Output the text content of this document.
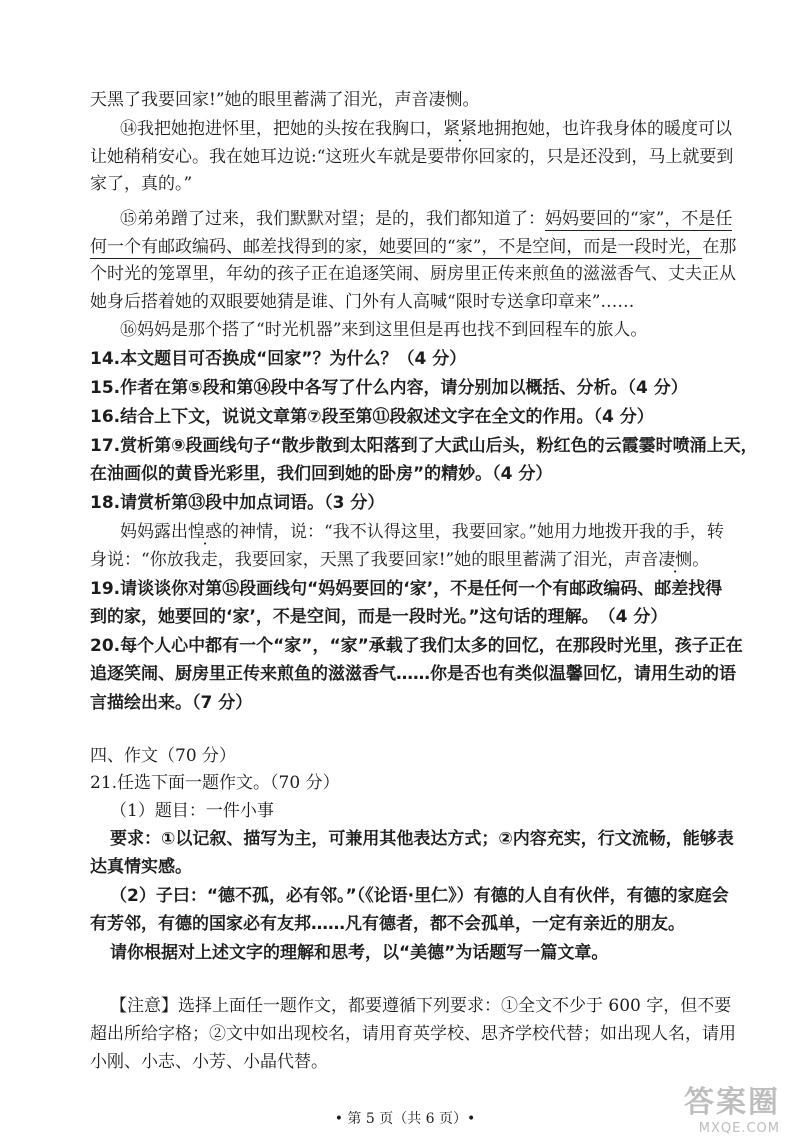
天黑了我要回家!”她的眼里蓄满了泪光，声音凄恻。
⑭我把她抱进怀里，把她的头按在我胸口，紧紧地拥抱她，也许我身体的暖度可以
让她稍稍安心。我在她耳边说:“这班火车就是要带你回家的，只是还没到，马上就要到
家了，真的。”
⑮弟弟蹭了过来，我们默默对望；是的，我们都知道了：妈妈要回的“家”，不是任
何一个有邮政编码、邮差找得到的家，她要回的“家”，不是空间，而是一段时光，在那
个时光的笼罩里，年幼的孩子正在追逐笑闹、厨房里正传来煎鱼的滋滋香气、丈夫正从
她身后搭着她的双眼要她猜是谁、门外有人高喊“限时专送拿印章来”……
⑯妈妈是那个搭了“时光机器”来到这里但是再也找不到回程车的旅人。
14.本文题目可否换成“回家”？为什么？（4 分）
15.作者在第⑤段和第⑭段中各写了什么内容，请分别加以概括、分析。（4 分）
16.结合上下文，说说文章第⑦段至第⑪段叙述文字在全文的作用。（4 分）
17.赏析第⑨段画线句子“散步散到太阳落到了大武山后头，粉红色的云霞霎时喷涌上天，
在油画似的黄昏光彩里，我们回到她的卧房”的精妙。（4 分）
18.请赏析第⑬段中加点词语。（3 分）
妈妈露出惶惑的神情，说：“我不认得这里，我要回家。”她用力地拨开我的手，转
身说：“你放我走，我要回家，天黑了我要回家!”她的眼里蓄满了泪光，声音凄恻。
19.请谈谈你对第⑮段画线句“妈妈要回的‘家’，不是任何一个有邮政编码、邮差找得
到的家，她要回的‘家’，不是空间，而是一段时光。”这句话的理解。　（4 分）
20.每个人心中都有一个“家”，“家”承载了我们太多的回忆，在那段时光里，孩子正在
追逐笑闹、厨房里正传来煎鱼的滋滋香气……你是否也有类似温馨回忆，请用生动的语
言描绘出来。（7 分）
四、作文（70 分）
21.任选下面一题作文。（70 分）
（1）题目：一件小事
要求：①以记叙、描写为主，可兼用其他表达方式；②内容充实，行文流畅，能够表
达真情实感。
（2）子曰：“德不孤，必有邻。”（《论语·里仁》）有德的人自有伙伴，有德的家庭会
有芳邻，有德的国家必有友邦……凡有德者，都不会孤单，一定有亲近的朋友。
请你根据对上述文字的理解和思考，以“美德”为话题写一篇文章。
【注意】选择上面任一题作文，都要遵循下列要求：①全文不少于 600 字，但不要
超出所给字格；②文中如出现校名，请用育英学校、思齐学校代替；如出现人名，请用
小刚、小志、小芳、小晶代替。
• 第 5 页（共 6 页）•	答案圈
MXQE.COM
